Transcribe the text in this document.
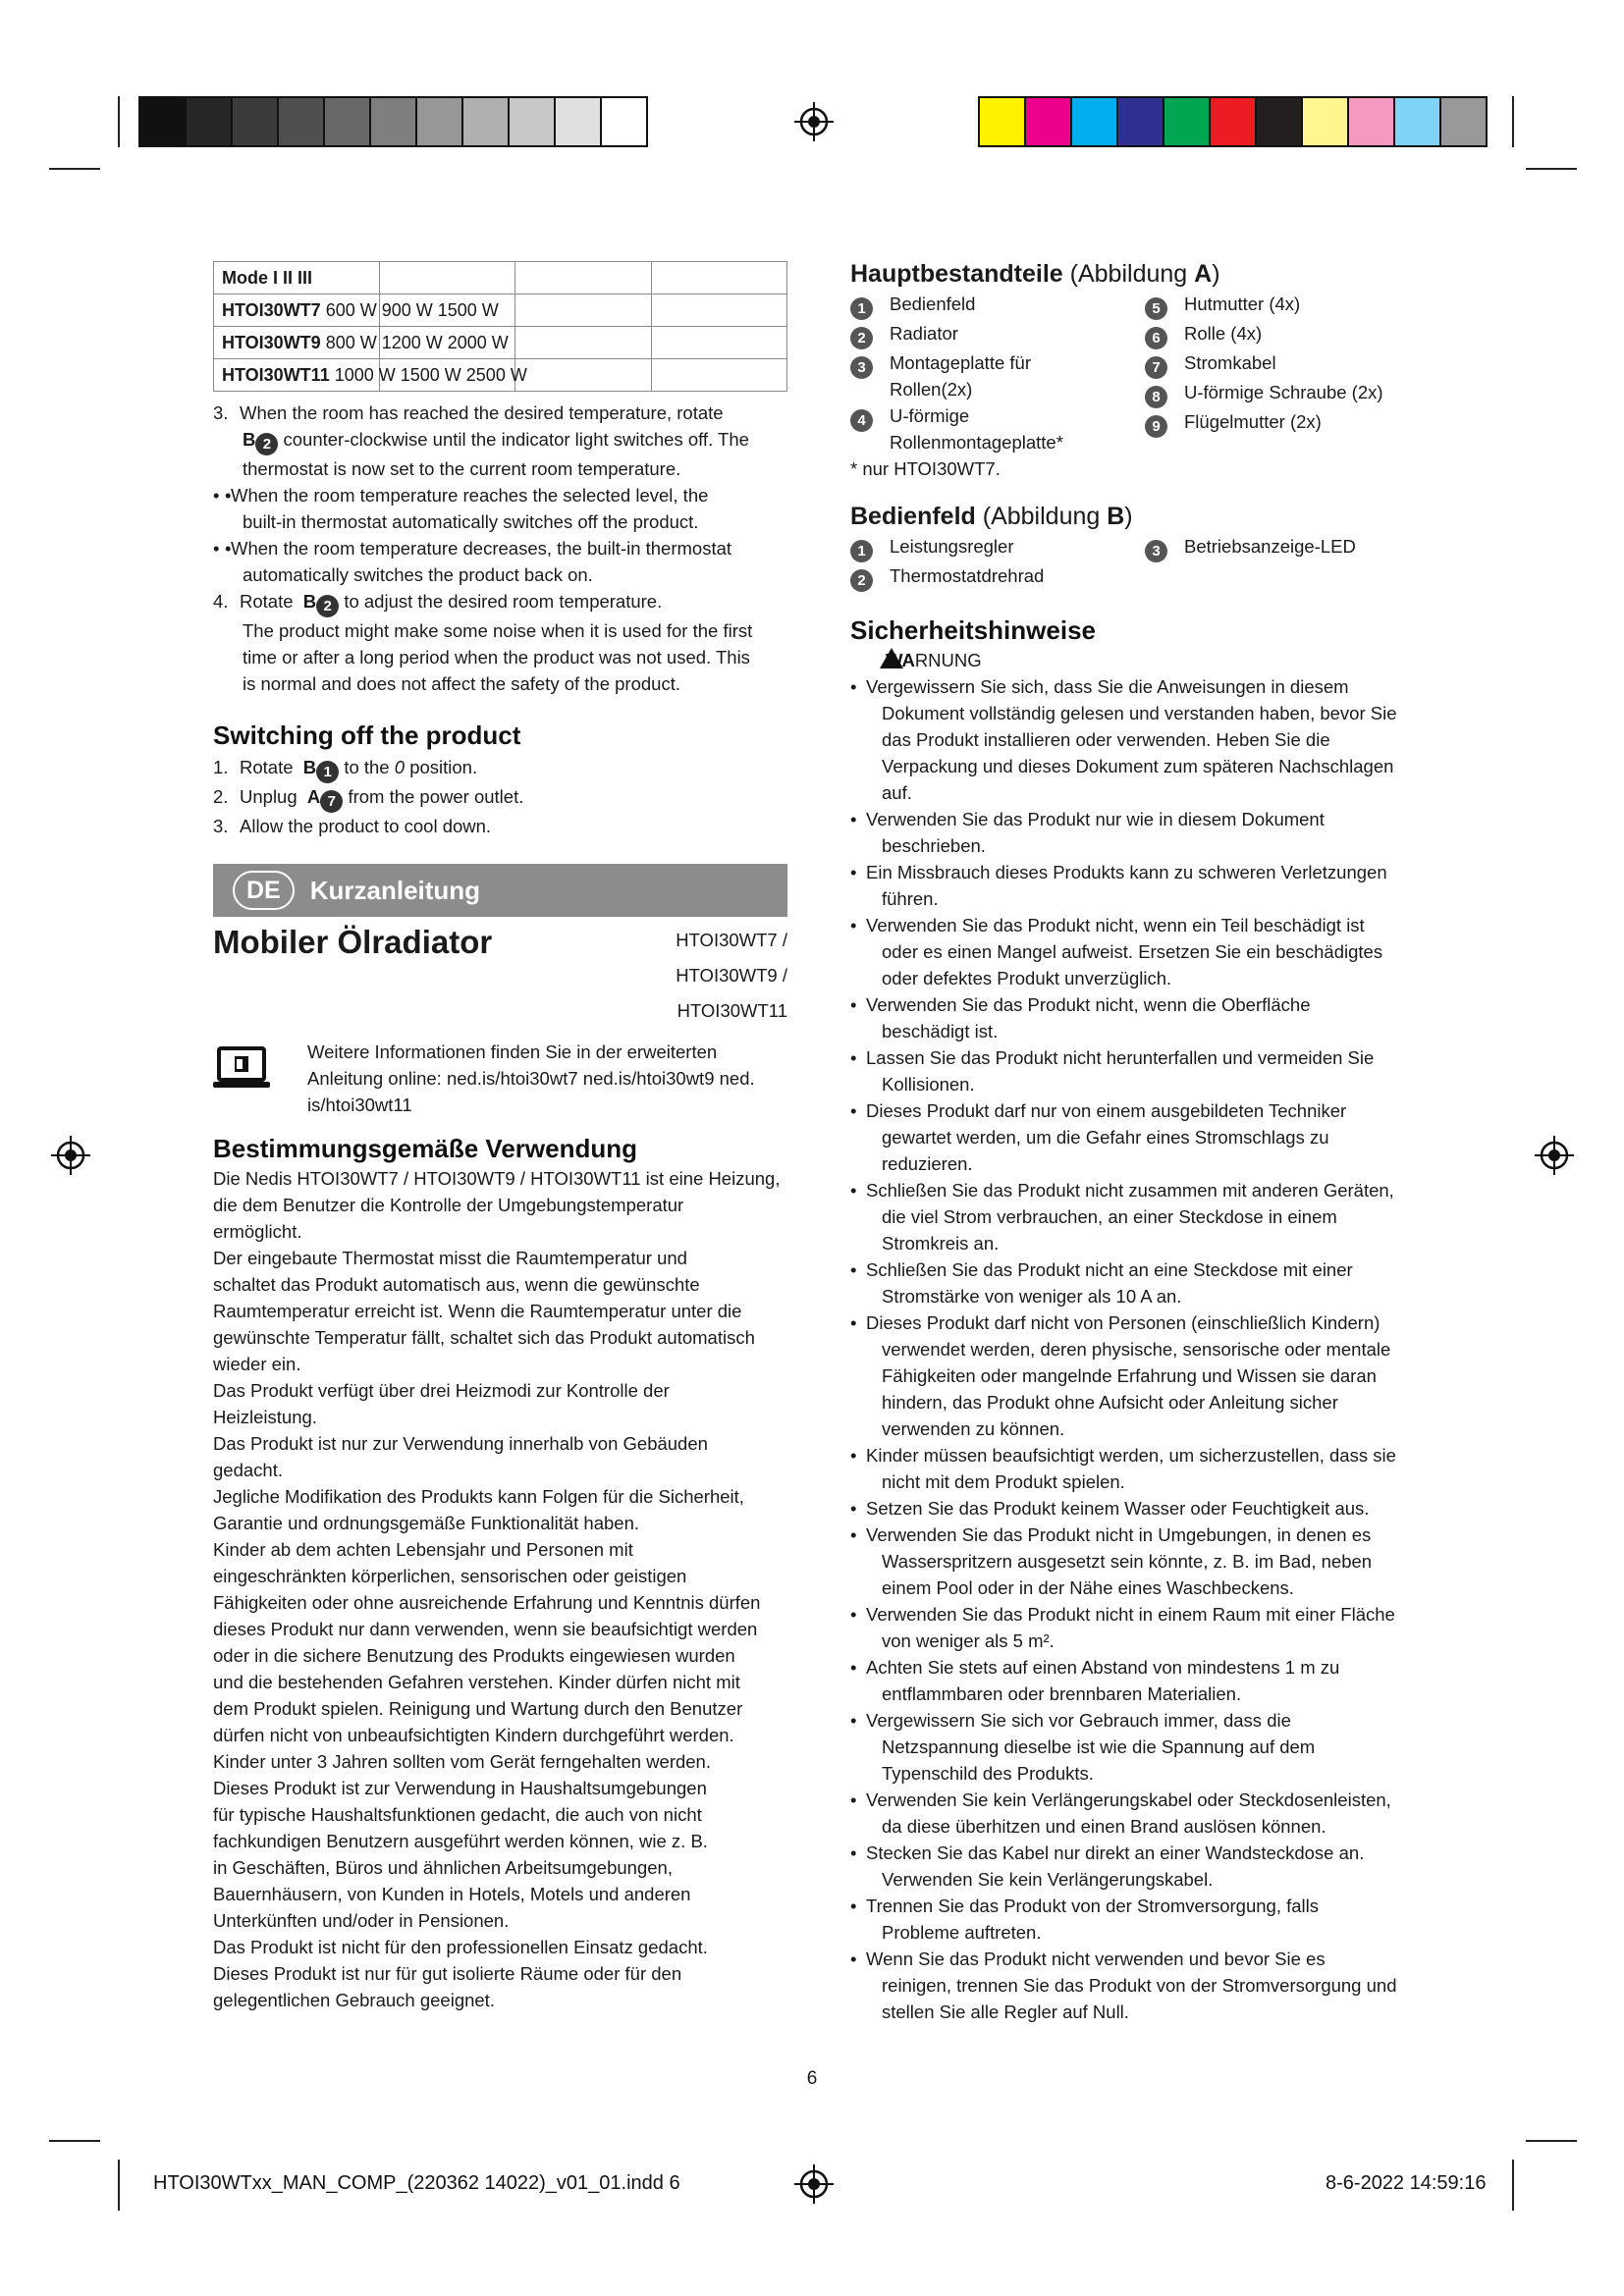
Mode I II III			
HTOI30WT7 600 W 900 W 1500 W			
HTOI30WT9 800 W 1200 W 2000 W			
HTOI30WT11 1000 W 1500 W 2500 W			
3. When the room has reached the desired temperature, rotate
B 2 counter-clockwise until the indicator light switches off. The
thermostat is now set to the current room temperature.
• • When the room temperature reaches the selected level, the
built-in thermostat automatically switches off the product.
• • When the room temperature decreases, the built-in thermostat
automatically switches the product back on.
4. Rotate B 2 to adjust the desired room temperature.
The product might make some noise when it is used for the first
time or after a long period when the product was not used. This
is normal and does not affect the safety of the product.
Switching off the product
1. Rotate B 1 to the 0 position.
2. Unplug A 7 from the power outlet.
3. Allow the product to cool down.
DE	Kurzanleitung
Mobiler Ölradiator	HTOI30WT7 /
HTOI30WT9 /
HTOI30WT11
Weitere Informationen finden Sie in der erweiterten Anleitung online: ned.is/htoi30wt7 ned.is/htoi30wt9 ned. is/htoi30wt11
Bestimmungsgemäße Verwendung
Die Nedis HTOI30WT7 / HTOI30WT9 / HTOI30WT11 ist eine Heizung,
die dem Benutzer die Kontrolle der Umgebungstemperatur
ermöglicht.
Der eingebaute Thermostat misst die Raumtemperatur und
schaltet das Produkt automatisch aus, wenn die gewünschte
Raumtemperatur erreicht ist. Wenn die Raumtemperatur unter die
gewünschte Temperatur fällt, schaltet sich das Produkt automatisch
wieder ein.
Das Produkt verfügt über drei Heizmodi zur Kontrolle der
Heizleistung.
Das Produkt ist nur zur Verwendung innerhalb von Gebäuden
gedacht.
Jegliche Modifikation des Produkts kann Folgen für die Sicherheit,
Garantie und ordnungsgemäße Funktionalität haben.
Kinder ab dem achten Lebensjahr und Personen mit
eingeschränkten körperlichen, sensorischen oder geistigen
Fähigkeiten oder ohne ausreichende Erfahrung und Kenntnis dürfen
dieses Produkt nur dann verwenden, wenn sie beaufsichtigt werden
oder in die sichere Benutzung des Produkts eingewiesen wurden
und die bestehenden Gefahren verstehen. Kinder dürfen nicht mit
dem Produkt spielen. Reinigung und Wartung durch den Benutzer
dürfen nicht von unbeaufsichtigten Kindern durchgeführt werden.
Kinder unter 3 Jahren sollten vom Gerät ferngehalten werden.
Dieses Produkt ist zur Verwendung in Haushaltsumgebungen
für typische Haushaltsfunktionen gedacht, die auch von nicht
fachkundigen Benutzern ausgeführt werden können, wie z. B.
in Geschäften, Büros und ähnlichen Arbeitsumgebungen,
Bauernhäusern, von Kunden in Hotels, Motels und anderen
Unterkünften und/oder in Pensionen.
Das Produkt ist nicht für den professionellen Einsatz gedacht.
Dieses Produkt ist nur für gut isolierte Räume oder für den
gelegentlichen Gebrauch geeignet.
Hauptbestandteile (Abbildung A)
1	Bedienfeld
2	Radiator
3	Montageplatte für
Rollen(2x)
4	U-förmige
Rollenmontageplatte*
5	Hutmutter (4x)
6	Rolle (4x)
7	Stromkabel
8	U-förmige Schraube (2x)
9	Flügelmutter (2x)
* nur HTOI30WT7.
Bedienfeld (Abbildung B)
1	Leistungsregler
2	Thermostatdrehrad
3	Betriebsanzeige-LED
Sicherheitshinweise
WARNUNG
• Vergewissern Sie sich, dass Sie die Anweisungen in diesem
Dokument vollständig gelesen und verstanden haben, bevor Sie
das Produkt installieren oder verwenden. Heben Sie die
Verpackung und dieses Dokument zum späteren Nachschlagen
auf.
• Verwenden Sie das Produkt nur wie in diesem Dokument
beschrieben.
• Ein Missbrauch dieses Produkts kann zu schweren Verletzungen
führen.
• Verwenden Sie das Produkt nicht, wenn ein Teil beschädigt ist
oder es einen Mangel aufweist. Ersetzen Sie ein beschädigtes
oder defektes Produkt unverzüglich.
• Verwenden Sie das Produkt nicht, wenn die Oberfläche
beschädigt ist.
• Lassen Sie das Produkt nicht herunterfallen und vermeiden Sie
Kollisionen.
• Dieses Produkt darf nur von einem ausgebildeten Techniker
gewartet werden, um die Gefahr eines Stromschlags zu
reduzieren.
• Schließen Sie das Produkt nicht zusammen mit anderen Geräten,
die viel Strom verbrauchen, an einer Steckdose in einem
Stromkreis an.
• Schließen Sie das Produkt nicht an eine Steckdose mit einer
Stromstärke von weniger als 10 A an.
• Dieses Produkt darf nicht von Personen (einschließlich Kindern)
verwendet werden, deren physische, sensorische oder mentale
Fähigkeiten oder mangelnde Erfahrung und Wissen sie daran
hindern, das Produkt ohne Aufsicht oder Anleitung sicher
verwenden zu können.
• Kinder müssen beaufsichtigt werden, um sicherzustellen, dass sie
nicht mit dem Produkt spielen.
• Setzen Sie das Produkt keinem Wasser oder Feuchtigkeit aus.
• Verwenden Sie das Produkt nicht in Umgebungen, in denen es
Wasserspritzern ausgesetzt sein könnte, z. B. im Bad, neben
einem Pool oder in der Nähe eines Waschbeckens.
• Verwenden Sie das Produkt nicht in einem Raum mit einer Fläche
von weniger als 5 m².
• Achten Sie stets auf einen Abstand von mindestens 1 m zu
entflammbaren oder brennbaren Materialien.
• Vergewissern Sie sich vor Gebrauch immer, dass die
Netzspannung dieselbe ist wie die Spannung auf dem
Typenschild des Produkts.
• Verwenden Sie kein Verlängerungskabel oder Steckdosenleisten,
da diese überhitzen und einen Brand auslösen können.
• Stecken Sie das Kabel nur direkt an einer Wandsteckdose an.
Verwenden Sie kein Verlängerungskabel.
• Trennen Sie das Produkt von der Stromversorgung, falls
Probleme auftreten.
• Wenn Sie das Produkt nicht verwenden und bevor Sie es
reinigen, trennen Sie das Produkt von der Stromversorgung und
stellen Sie alle Regler auf Null.
6
HTOI30WTxx_MAN_COMP_(220362 14022)_v01_01.indd 6	8-6-2022 14:59:16
